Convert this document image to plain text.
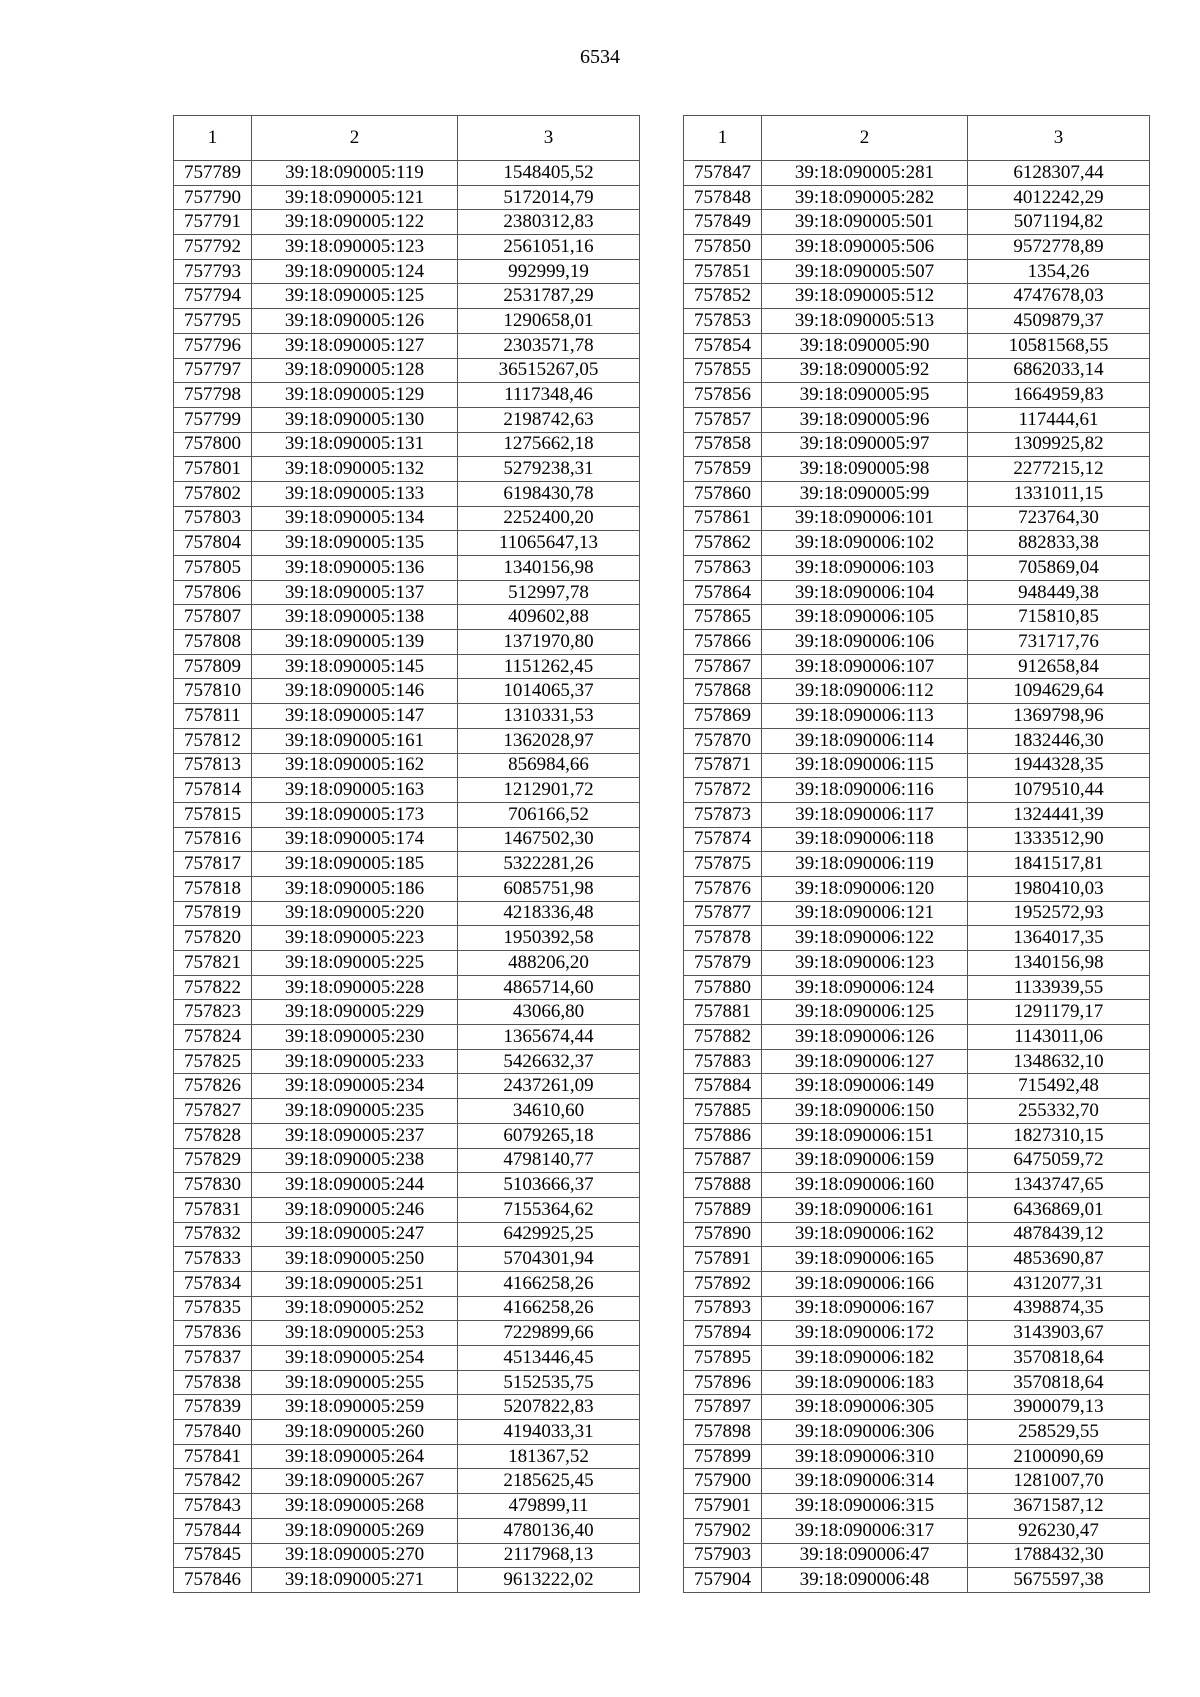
6534
1	2	3
757789	39:18:090005:119	1548405,52
757790	39:18:090005:121	5172014,79
757791	39:18:090005:122	2380312,83
757792	39:18:090005:123	2561051,16
757793	39:18:090005:124	992999,19
757794	39:18:090005:125	2531787,29
757795	39:18:090005:126	1290658,01
757796	39:18:090005:127	2303571,78
757797	39:18:090005:128	36515267,05
757798	39:18:090005:129	1117348,46
757799	39:18:090005:130	2198742,63
757800	39:18:090005:131	1275662,18
757801	39:18:090005:132	5279238,31
757802	39:18:090005:133	6198430,78
757803	39:18:090005:134	2252400,20
757804	39:18:090005:135	11065647,13
757805	39:18:090005:136	1340156,98
757806	39:18:090005:137	512997,78
757807	39:18:090005:138	409602,88
757808	39:18:090005:139	1371970,80
757809	39:18:090005:145	1151262,45
757810	39:18:090005:146	1014065,37
757811	39:18:090005:147	1310331,53
757812	39:18:090005:161	1362028,97
757813	39:18:090005:162	856984,66
757814	39:18:090005:163	1212901,72
757815	39:18:090005:173	706166,52
757816	39:18:090005:174	1467502,30
757817	39:18:090005:185	5322281,26
757818	39:18:090005:186	6085751,98
757819	39:18:090005:220	4218336,48
757820	39:18:090005:223	1950392,58
757821	39:18:090005:225	488206,20
757822	39:18:090005:228	4865714,60
757823	39:18:090005:229	43066,80
757824	39:18:090005:230	1365674,44
757825	39:18:090005:233	5426632,37
757826	39:18:090005:234	2437261,09
757827	39:18:090005:235	34610,60
757828	39:18:090005:237	6079265,18
757829	39:18:090005:238	4798140,77
757830	39:18:090005:244	5103666,37
757831	39:18:090005:246	7155364,62
757832	39:18:090005:247	6429925,25
757833	39:18:090005:250	5704301,94
757834	39:18:090005:251	4166258,26
757835	39:18:090005:252	4166258,26
757836	39:18:090005:253	7229899,66
757837	39:18:090005:254	4513446,45
757838	39:18:090005:255	5152535,75
757839	39:18:090005:259	5207822,83
757840	39:18:090005:260	4194033,31
757841	39:18:090005:264	181367,52
757842	39:18:090005:267	2185625,45
757843	39:18:090005:268	479899,11
757844	39:18:090005:269	4780136,40
757845	39:18:090005:270	2117968,13
757846	39:18:090005:271	9613222,02
1	2	3
757847	39:18:090005:281	6128307,44
757848	39:18:090005:282	4012242,29
757849	39:18:090005:501	5071194,82
757850	39:18:090005:506	9572778,89
757851	39:18:090005:507	1354,26
757852	39:18:090005:512	4747678,03
757853	39:18:090005:513	4509879,37
757854	39:18:090005:90	10581568,55
757855	39:18:090005:92	6862033,14
757856	39:18:090005:95	1664959,83
757857	39:18:090005:96	117444,61
757858	39:18:090005:97	1309925,82
757859	39:18:090005:98	2277215,12
757860	39:18:090005:99	1331011,15
757861	39:18:090006:101	723764,30
757862	39:18:090006:102	882833,38
757863	39:18:090006:103	705869,04
757864	39:18:090006:104	948449,38
757865	39:18:090006:105	715810,85
757866	39:18:090006:106	731717,76
757867	39:18:090006:107	912658,84
757868	39:18:090006:112	1094629,64
757869	39:18:090006:113	1369798,96
757870	39:18:090006:114	1832446,30
757871	39:18:090006:115	1944328,35
757872	39:18:090006:116	1079510,44
757873	39:18:090006:117	1324441,39
757874	39:18:090006:118	1333512,90
757875	39:18:090006:119	1841517,81
757876	39:18:090006:120	1980410,03
757877	39:18:090006:121	1952572,93
757878	39:18:090006:122	1364017,35
757879	39:18:090006:123	1340156,98
757880	39:18:090006:124	1133939,55
757881	39:18:090006:125	1291179,17
757882	39:18:090006:126	1143011,06
757883	39:18:090006:127	1348632,10
757884	39:18:090006:149	715492,48
757885	39:18:090006:150	255332,70
757886	39:18:090006:151	1827310,15
757887	39:18:090006:159	6475059,72
757888	39:18:090006:160	1343747,65
757889	39:18:090006:161	6436869,01
757890	39:18:090006:162	4878439,12
757891	39:18:090006:165	4853690,87
757892	39:18:090006:166	4312077,31
757893	39:18:090006:167	4398874,35
757894	39:18:090006:172	3143903,67
757895	39:18:090006:182	3570818,64
757896	39:18:090006:183	3570818,64
757897	39:18:090006:305	3900079,13
757898	39:18:090006:306	258529,55
757899	39:18:090006:310	2100090,69
757900	39:18:090006:314	1281007,70
757901	39:18:090006:315	3671587,12
757902	39:18:090006:317	926230,47
757903	39:18:090006:47	1788432,30
757904	39:18:090006:48	5675597,38
